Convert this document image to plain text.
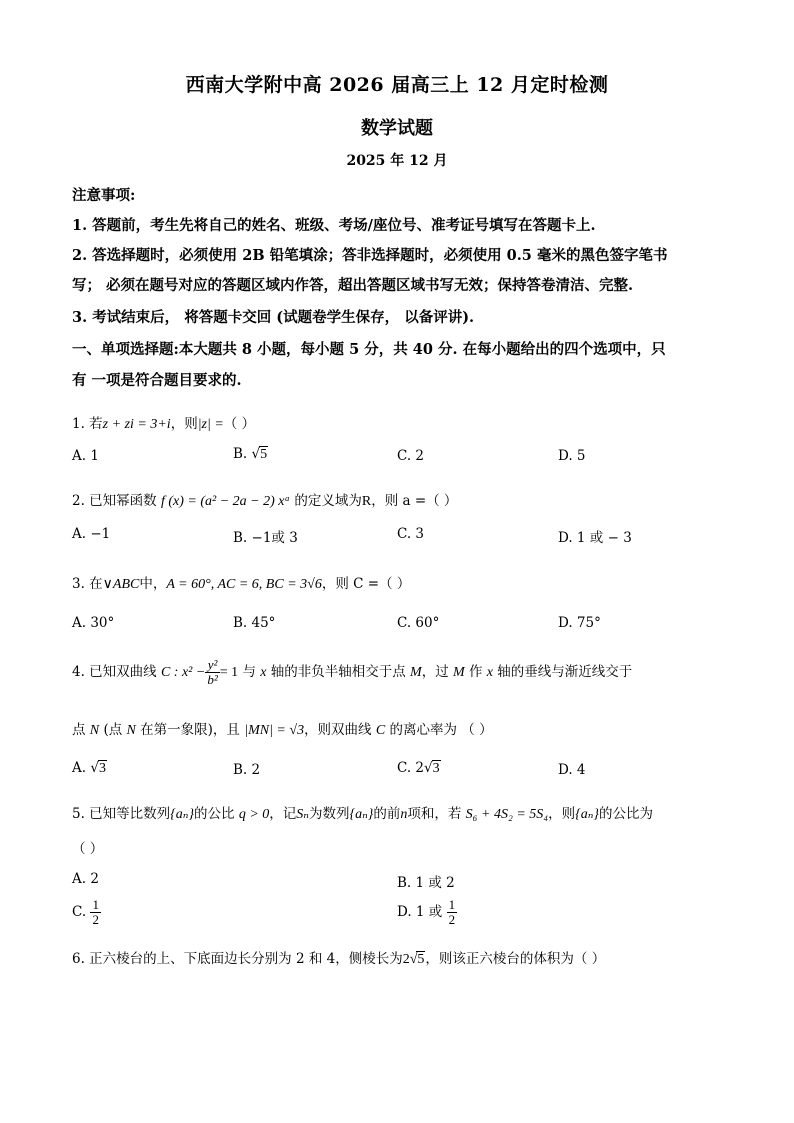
西南大学附中高 2026 届高三上 12 月定时检测
数学试题
2025 年 12 月
注意事项:
1. 答题前，考生先将自己的姓名、班级、考场/座位号、准考证号填写在答题卡上.
2. 答选择题时，必须使用 2B 铅笔填涂；答非选择题时，必须使用 0.5 毫米的黑色签字笔书
写； 必须在题号对应的答题区域内作答，超出答题区域书写无效；保持答卷清洁、完整.
3. 考试结束后， 将答题卡交回 (试题卷学生保存， 以备评讲).
一、单项选择题:本大题共 8 小题，每小题 5 分，共 40 分. 在每小题给出的四个选项中，只
有 一项是符合题目要求的.
1. 若z + zi = 3+i，则|z| =（ ）
A. 1	B. √5	C. 2	D. 5
2. 已知幂函数 f (x) = (a² − 2a − 2) xᵃ 的定义域为R，则 a =（ ）
A. −1	B. −1或 3	C. 3	D. 1 或 − 3
3. 在∨ABC中，A = 60°, AC = 6, BC = 3√6，则 C =（ ）
A. 30°	B. 45°	C. 60°	D. 75°
4. 已知双曲线 C : $x^2 - \frac{\text{y²}}{\text{b²}} = 1$ 与 x 轴的非负半轴相交于点 M，过 M 作 x 轴的垂线与渐近线交于
点 N (点 N 在第一象限)，且 |MN| = √3，则双曲线 C 的离心率为 （ ）
A. √3	B. 2	C. 2√3	D. 4
5. 已知等比数列{aₙ}的公比 q > 0，记Sₙ为数列{aₙ}的前n项和，若 S₆ + 4S₂ = 5S₄，则{aₙ}的公比为
（ ）
A. 2	B. 1 或 2
C. $\frac{1}{2}$	D. 1 或 $\frac{1}{2}$
6. 正六棱台的上、下底面边长分别为 2 和 4，侧棱长为2√5，则该正六棱台的体积为（ ）
